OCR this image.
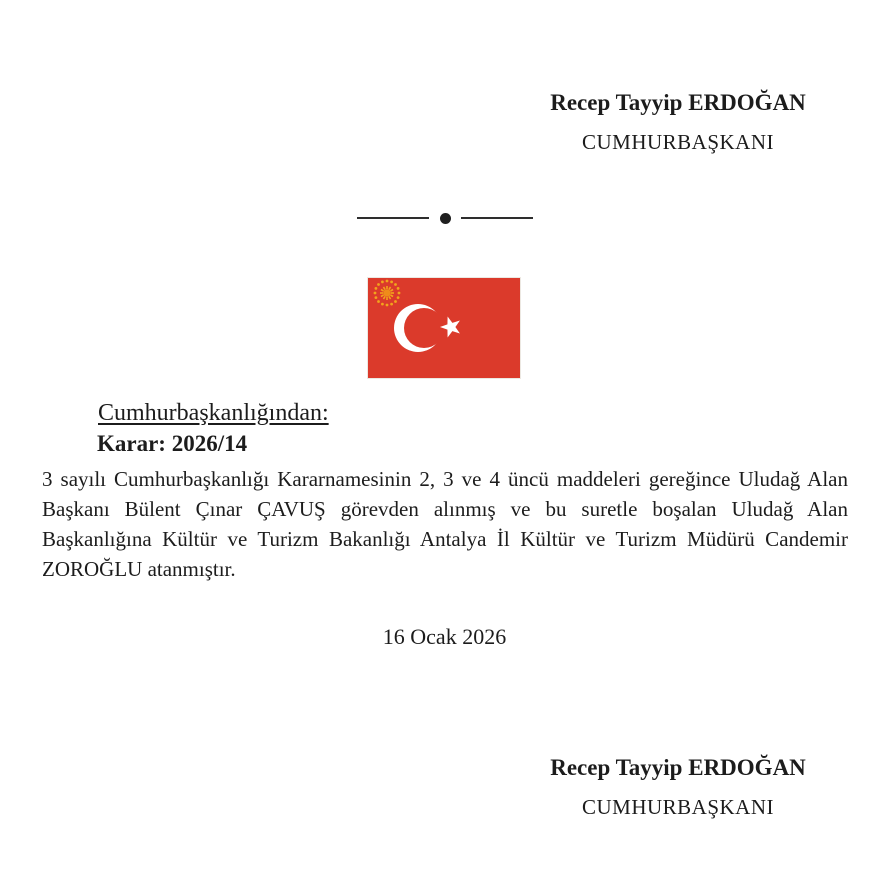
Recep Tayyip ERDOĞAN
CUMHURBAŞKANI
Cumhurbaşkanlığından:
Karar: 2026/14
3 sayılı Cumhurbaşkanlığı Kararnamesinin 2, 3 ve 4 üncü maddeleri gereğince Uludağ Alan Başkanı Bülent Çınar ÇAVUŞ görevden alınmış ve bu suretle boşalan Uludağ Alan Başkanlığına Kültür ve Turizm Bakanlığı Antalya İl Kültür ve Turizm Müdürü Candemir ZOROĞLU atanmıştır.
16 Ocak 2026
Recep Tayyip ERDOĞAN
CUMHURBAŞKANI
